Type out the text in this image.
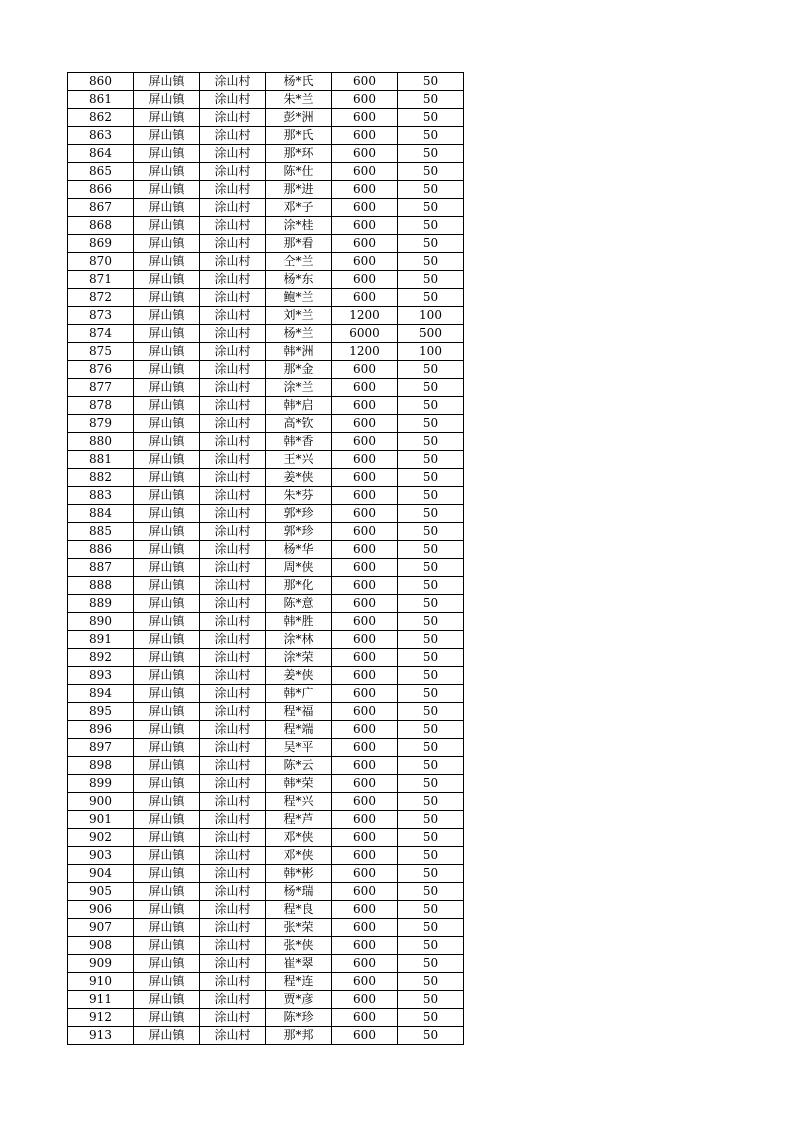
860	屏山镇	涂山村	杨*氏	600	50
861	屏山镇	涂山村	朱*兰	600	50
862	屏山镇	涂山村	彭*洲	600	50
863	屏山镇	涂山村	那*氏	600	50
864	屏山镇	涂山村	那*环	600	50
865	屏山镇	涂山村	陈*仕	600	50
866	屏山镇	涂山村	那*进	600	50
867	屏山镇	涂山村	邓*子	600	50
868	屏山镇	涂山村	涂*桂	600	50
869	屏山镇	涂山村	那*看	600	50
870	屏山镇	涂山村	仝*兰	600	50
871	屏山镇	涂山村	杨*东	600	50
872	屏山镇	涂山村	鲍*兰	600	50
873	屏山镇	涂山村	刘*兰	1200	100
874	屏山镇	涂山村	杨*兰	6000	500
875	屏山镇	涂山村	韩*洲	1200	100
876	屏山镇	涂山村	那*金	600	50
877	屏山镇	涂山村	涂*兰	600	50
878	屏山镇	涂山村	韩*启	600	50
879	屏山镇	涂山村	高*钦	600	50
880	屏山镇	涂山村	韩*香	600	50
881	屏山镇	涂山村	王*兴	600	50
882	屏山镇	涂山村	姜*侠	600	50
883	屏山镇	涂山村	朱*芬	600	50
884	屏山镇	涂山村	郭*珍	600	50
885	屏山镇	涂山村	郭*珍	600	50
886	屏山镇	涂山村	杨*华	600	50
887	屏山镇	涂山村	周*侠	600	50
888	屏山镇	涂山村	那*化	600	50
889	屏山镇	涂山村	陈*意	600	50
890	屏山镇	涂山村	韩*胜	600	50
891	屏山镇	涂山村	涂*林	600	50
892	屏山镇	涂山村	涂*荣	600	50
893	屏山镇	涂山村	姜*侠	600	50
894	屏山镇	涂山村	韩*广	600	50
895	屏山镇	涂山村	程*福	600	50
896	屏山镇	涂山村	程*端	600	50
897	屏山镇	涂山村	吴*平	600	50
898	屏山镇	涂山村	陈*云	600	50
899	屏山镇	涂山村	韩*荣	600	50
900	屏山镇	涂山村	程*兴	600	50
901	屏山镇	涂山村	程*芦	600	50
902	屏山镇	涂山村	邓*侠	600	50
903	屏山镇	涂山村	邓*侠	600	50
904	屏山镇	涂山村	韩*彬	600	50
905	屏山镇	涂山村	杨*瑞	600	50
906	屏山镇	涂山村	程*良	600	50
907	屏山镇	涂山村	张*荣	600	50
908	屏山镇	涂山村	张*侠	600	50
909	屏山镇	涂山村	崔*翠	600	50
910	屏山镇	涂山村	程*连	600	50
911	屏山镇	涂山村	贾*彦	600	50
912	屏山镇	涂山村	陈*珍	600	50
913	屏山镇	涂山村	那*邦	600	50
